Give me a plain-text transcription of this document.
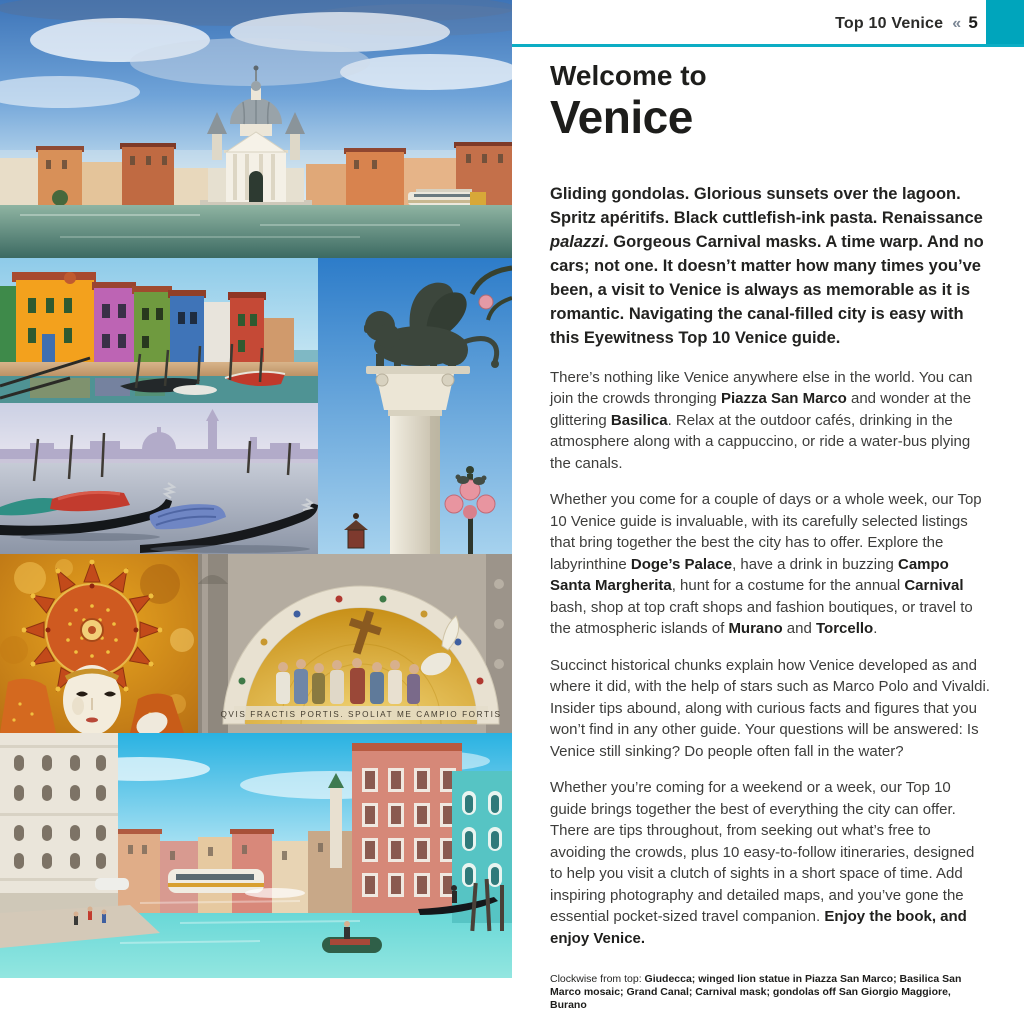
QVIS FRACTIS PORTIS. SPOLIAT ME CAMPIO FORTIS
Top 10 Venice « 5
Welcome to
Venice

Gliding gondolas. Glorious sunsets over the lagoon. Spritz apéritifs. Black cuttlefish-ink pasta. Renaissance palazzi. Gorgeous Carnival masks. A time warp. And no cars; not one. It doesn’t matter how many times you’ve been, a visit to Venice is always as memorable as it is romantic. Navigating the canal-filled city is easy with this Eyewitness Top 10 Venice guide.

There’s nothing like Venice anywhere else in the world. You can join the crowds thronging Piazza San Marco and wonder at the glittering Basilica. Relax at the outdoor cafés, drinking in the atmosphere along with a cappuccino, or ride a water-bus plying the canals.

Whether you come for a couple of days or a whole week, our Top 10 Venice guide is invaluable, with its carefully selected listings that bring together the best the city has to offer. Explore the labyrinthine Doge’s Palace, have a drink in buzzing Campo Santa Margherita, hunt for a costume for the annual Carnival bash, shop at top craft shops and fashion boutiques, or travel to the atmospheric islands of Murano and Torcello.

Succinct historical chunks explain how Venice developed as and where it did, with the help of stars such as Marco Polo and Vivaldi. Insider tips abound, along with curious facts and figures that you won’t find in any other guide. Your questions will be answered: Is Venice still sinking? Do people often fall in the water?

Whether you’re coming for a weekend or a week, our Top 10 guide brings together the best of everything the city can offer. There are tips throughout, from seeking out what’s free to avoiding the crowds, plus 10 easy-to-follow itineraries, designed to help you visit a clutch of sights in a short space of time. Add inspiring photography and detailed maps, and you’ve gone the essential pocket-sized travel companion. Enjoy the book, and enjoy Venice.

Clockwise from top: Giudecca; winged lion statue in Piazza San Marco; Basilica San Marco mosaic; Grand Canal; Carnival mask; gondolas off San Giorgio Maggiore, Burano
